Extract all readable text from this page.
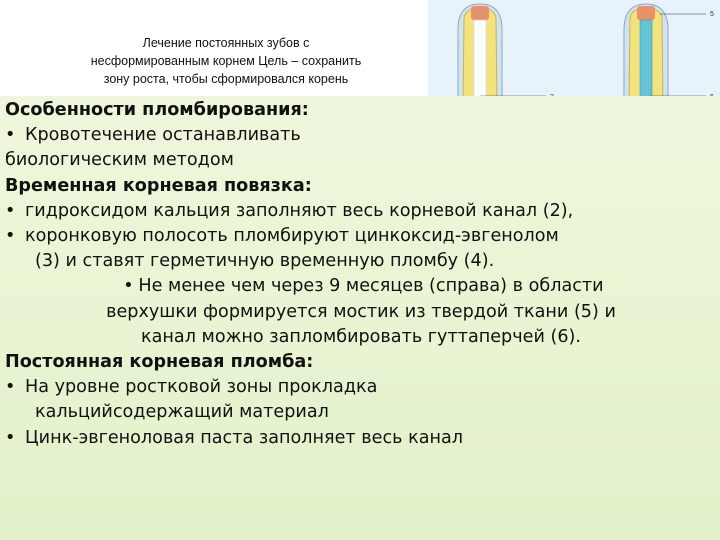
Лечение постоянных зубов с
несформированным корнем Цель – сохранить
зону роста, чтобы сформировался корень
5
Особенности пломбирования:
• Кровотечение останавливать
биологическим методом
Временная корневая повязка:
• гидроксидом кальция заполняют весь корневой канал (2),
• коронковую полосоть пломбируют цинкоксид-эвгенолом
(3) и ставят герметичную временную пломбу (4).
• Не менее чем через 9 месяцев (справа) в области
верхушки формируется мостик из твердой ткани (5) и
канал можно запломбировать гуттаперчей (6).
Постоянная корневая пломба:
• На уровне ростковой зоны прокладка
кальцийсодержащий материал
• Цинк-эвгеноловая паста заполняет весь канал
